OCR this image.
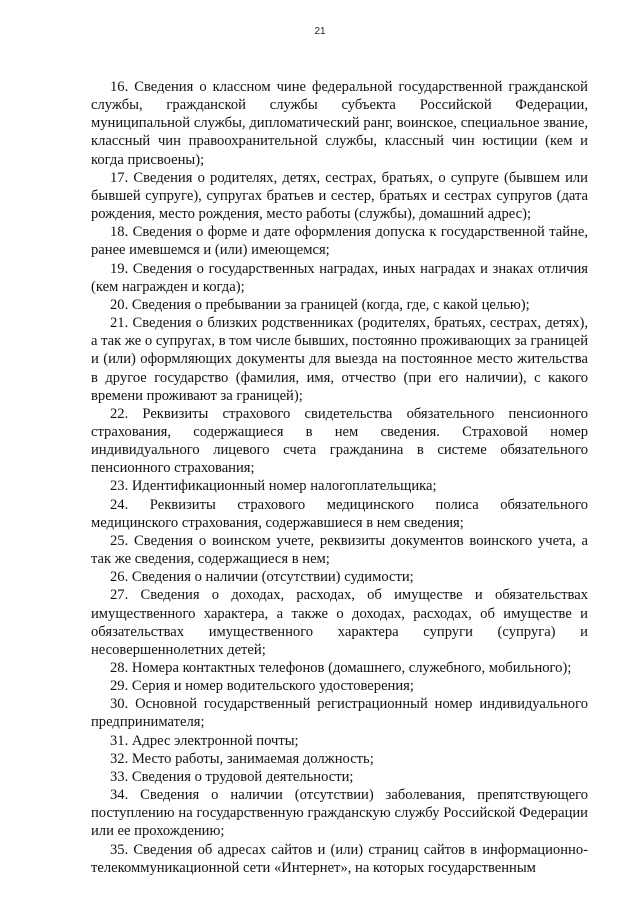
21

16. Сведения о классном чине федеральной государственной гражданской службы, гражданской службы субъекта Российской Федерации, муниципальной службы, дипломатический ранг, воинское, специальное звание, классный чин правоохранительной службы, классный чин юстиции (кем и когда присвоены);

17. Сведения о родителях, детях, сестрах, братьях, о супруге (бывшем или бывшей супруге), супругах братьев и сестер, братьях и сестрах супругов (дата рождения, место рождения, место работы (службы), домашний адрес);

18. Сведения о форме и дате оформления допуска к государственной тайне, ранее имевшемся и (или) имеющемся;

19. Сведения о государственных наградах, иных наградах и знаках отличия (кем награжден и когда);

20. Сведения о пребывании за границей (когда, где, с какой целью);

21. Сведения о близких родственниках (родителях, братьях, сестрах, детях), а так же о супругах, в том числе бывших, постоянно проживающих за границей и (или) оформляющих документы для выезда на постоянное место жительства в другое государство (фамилия, имя, отчество (при его наличии), с какого времени проживают за границей);

22. Реквизиты страхового свидетельства обязательного пенсионного страхования, содержащиеся в нем сведения. Страховой номер индивидуального лицевого счета гражданина в системе обязательного пенсионного страхования;

23. Идентификационный номер налогоплательщика;

24. Реквизиты страхового медицинского полиса обязательного медицинского страхования, содержавшиеся в нем сведения;

25. Сведения о воинском учете, реквизиты документов воинского учета, а так же сведения, содержащиеся в нем;

26. Сведения о наличии (отсутствии) судимости;

27. Сведения о доходах, расходах, об имуществе и обязательствах имущественного характера, а также о доходах, расходах, об имуществе и обязательствах имущественного характера супруги (супруга) и несовершеннолетних детей;

28. Номера контактных телефонов (домашнего, служебного, мобильного);

29. Серия и номер водительского удостоверения;

30. Основной государственный регистрационный номер индивидуального предпринимателя;

31. Адрес электронной почты;

32. Место работы, занимаемая должность;

33. Сведения о трудовой деятельности;

34. Сведения о наличии (отсутствии) заболевания, препятствующего поступлению на государственную гражданскую службу Российской Федерации или ее прохождению;

35. Сведения об адресах сайтов и (или) страниц сайтов в информационно-телекоммуникационной сети «Интернет», на которых государственным
